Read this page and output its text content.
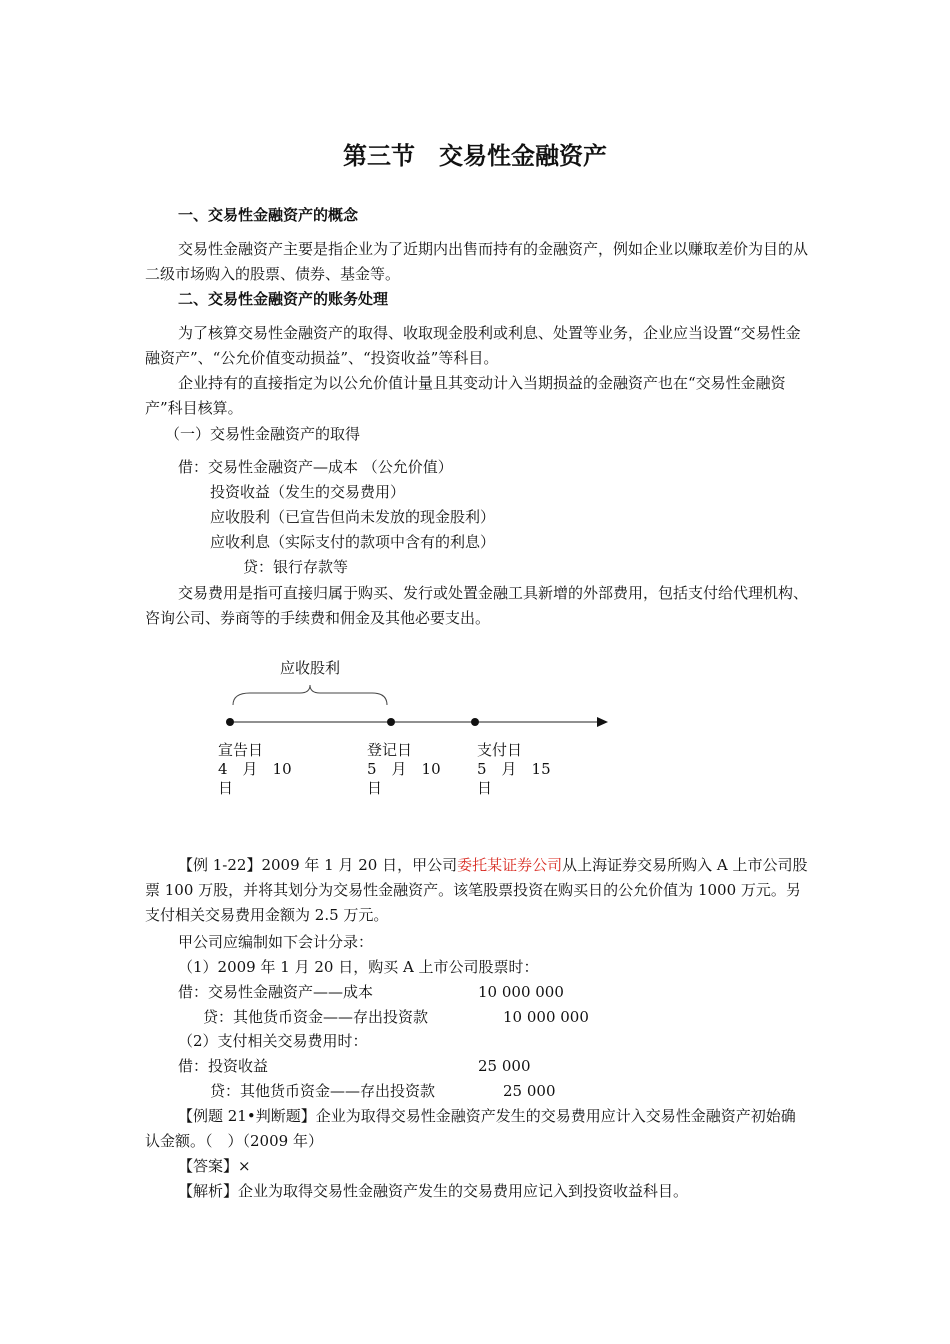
第三节　交易性金融资产
一、交易性金融资产的概念
交易性金融资产主要是指企业为了近期内出售而持有的金融资产，例如企业以赚取差价为目的从二级市场购入的股票、债券、基金等。
二、交易性金融资产的账务处理
为了核算交易性金融资产的取得、收取现金股利或利息、处置等业务，企业应当设置“交易性金融资产”、“公允价值变动损益”、“投资收益”等科目。
企业持有的直接指定为以公允价值计量且其变动计入当期损益的金融资产也在“交易性金融资产”科目核算。
（一）交易性金融资产的取得
借：交易性金融资产—成本 （公允价值）
投资收益（发生的交易费用）
应收股利（已宣告但尚未发放的现金股利）
应收利息（实际支付的款项中含有的利息）
贷：银行存款等
交易费用是指可直接归属于购买、发行或处置金融工具新增的外部费用，包括支付给代理机构、咨询公司、券商等的手续费和佣金及其他必要支出。
应收股利
宣告日
4　月　10
日
登记日
5　月　10
日
支付日
5　月　15
日
【例 1-22】2009 年 1 月 20 日，甲公司委托某证券公司从上海证券交易所购入 A 上市公司股票 100 万股，并将其划分为交易性金融资产。该笔股票投资在购买日的公允价值为 1000 万元。另支付相关交易费用金额为 2.5 万元。
甲公司应编制如下会计分录：
（1）2009 年 1 月 20 日，购买 A 上市公司股票时：
借：交易性金融资产——成本	10 000 000
贷：其他货币资金——存出投资款	10 000 000
（2）支付相关交易费用时：
借：投资收益	25 000
贷：其他货币资金——存出投资款	25 000
【例题 21•判断题】企业为取得交易性金融资产发生的交易费用应计入交易性金融资产初始确认金额。（　）（2009 年）
【答案】×
【解析】企业为取得交易性金融资产发生的交易费用应记入到投资收益科目。
